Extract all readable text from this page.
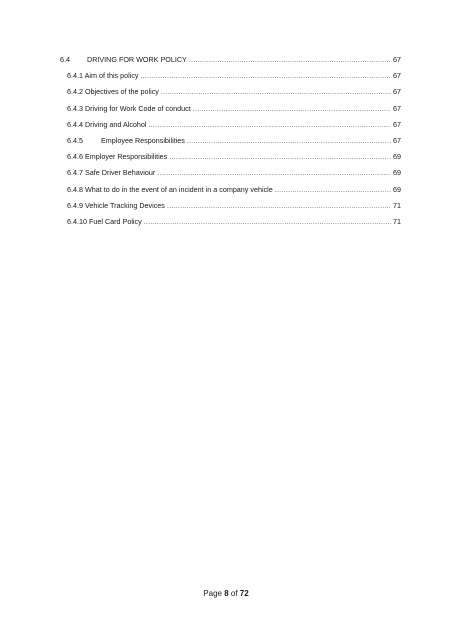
6.4	DRIVING FOR WORK POLICY .....	67
6.4.1 Aim of this policy .....	67
6.4.2 Objectives of the policy .....	67
6.4.3 Driving for Work Code of conduct .....	67
6.4.4 Driving and Alcohol .....	67
6.4.5	Employee Responsibilities .....	67
6.4.6 Employer Responsibilities .....	69
6.4.7 Safe Driver Behaviour .....	69
6.4.8 What to do in the event of an incident in a company vehicle .....	69
6.4.9 Vehicle Tracking Devices .....	71
6.4.10 Fuel Card Policy .....	71
Page 8 of 72
